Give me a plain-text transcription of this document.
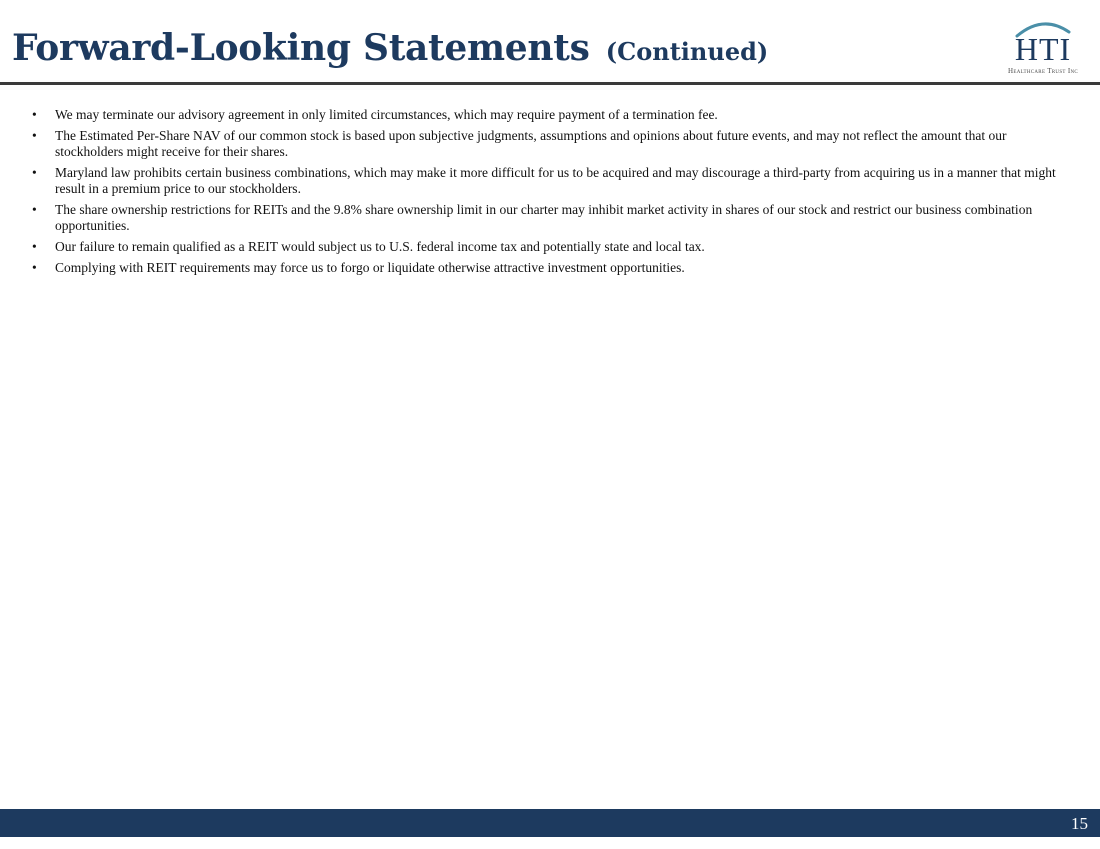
Forward-Looking Statements (Continued)	HTI
Healthcare Trust Inc
• We may terminate our advisory agreement in only limited circumstances, which may require payment of a termination fee.
• The Estimated Per-Share NAV of our common stock is based upon subjective judgments, assumptions and opinions about future events, and may not reflect the amount that our stockholders might receive for their shares.
• Maryland law prohibits certain business combinations, which may make it more difficult for us to be acquired and may discourage a third-party from acquiring us in a manner that might result in a premium price to our stockholders.
• The share ownership restrictions for REITs and the 9.8% share ownership limit in our charter may inhibit market activity in shares of our stock and restrict our business combination opportunities.
• Our failure to remain qualified as a REIT would subject us to U.S. federal income tax and potentially state and local tax.
• Complying with REIT requirements may force us to forgo or liquidate otherwise attractive investment opportunities.
15
